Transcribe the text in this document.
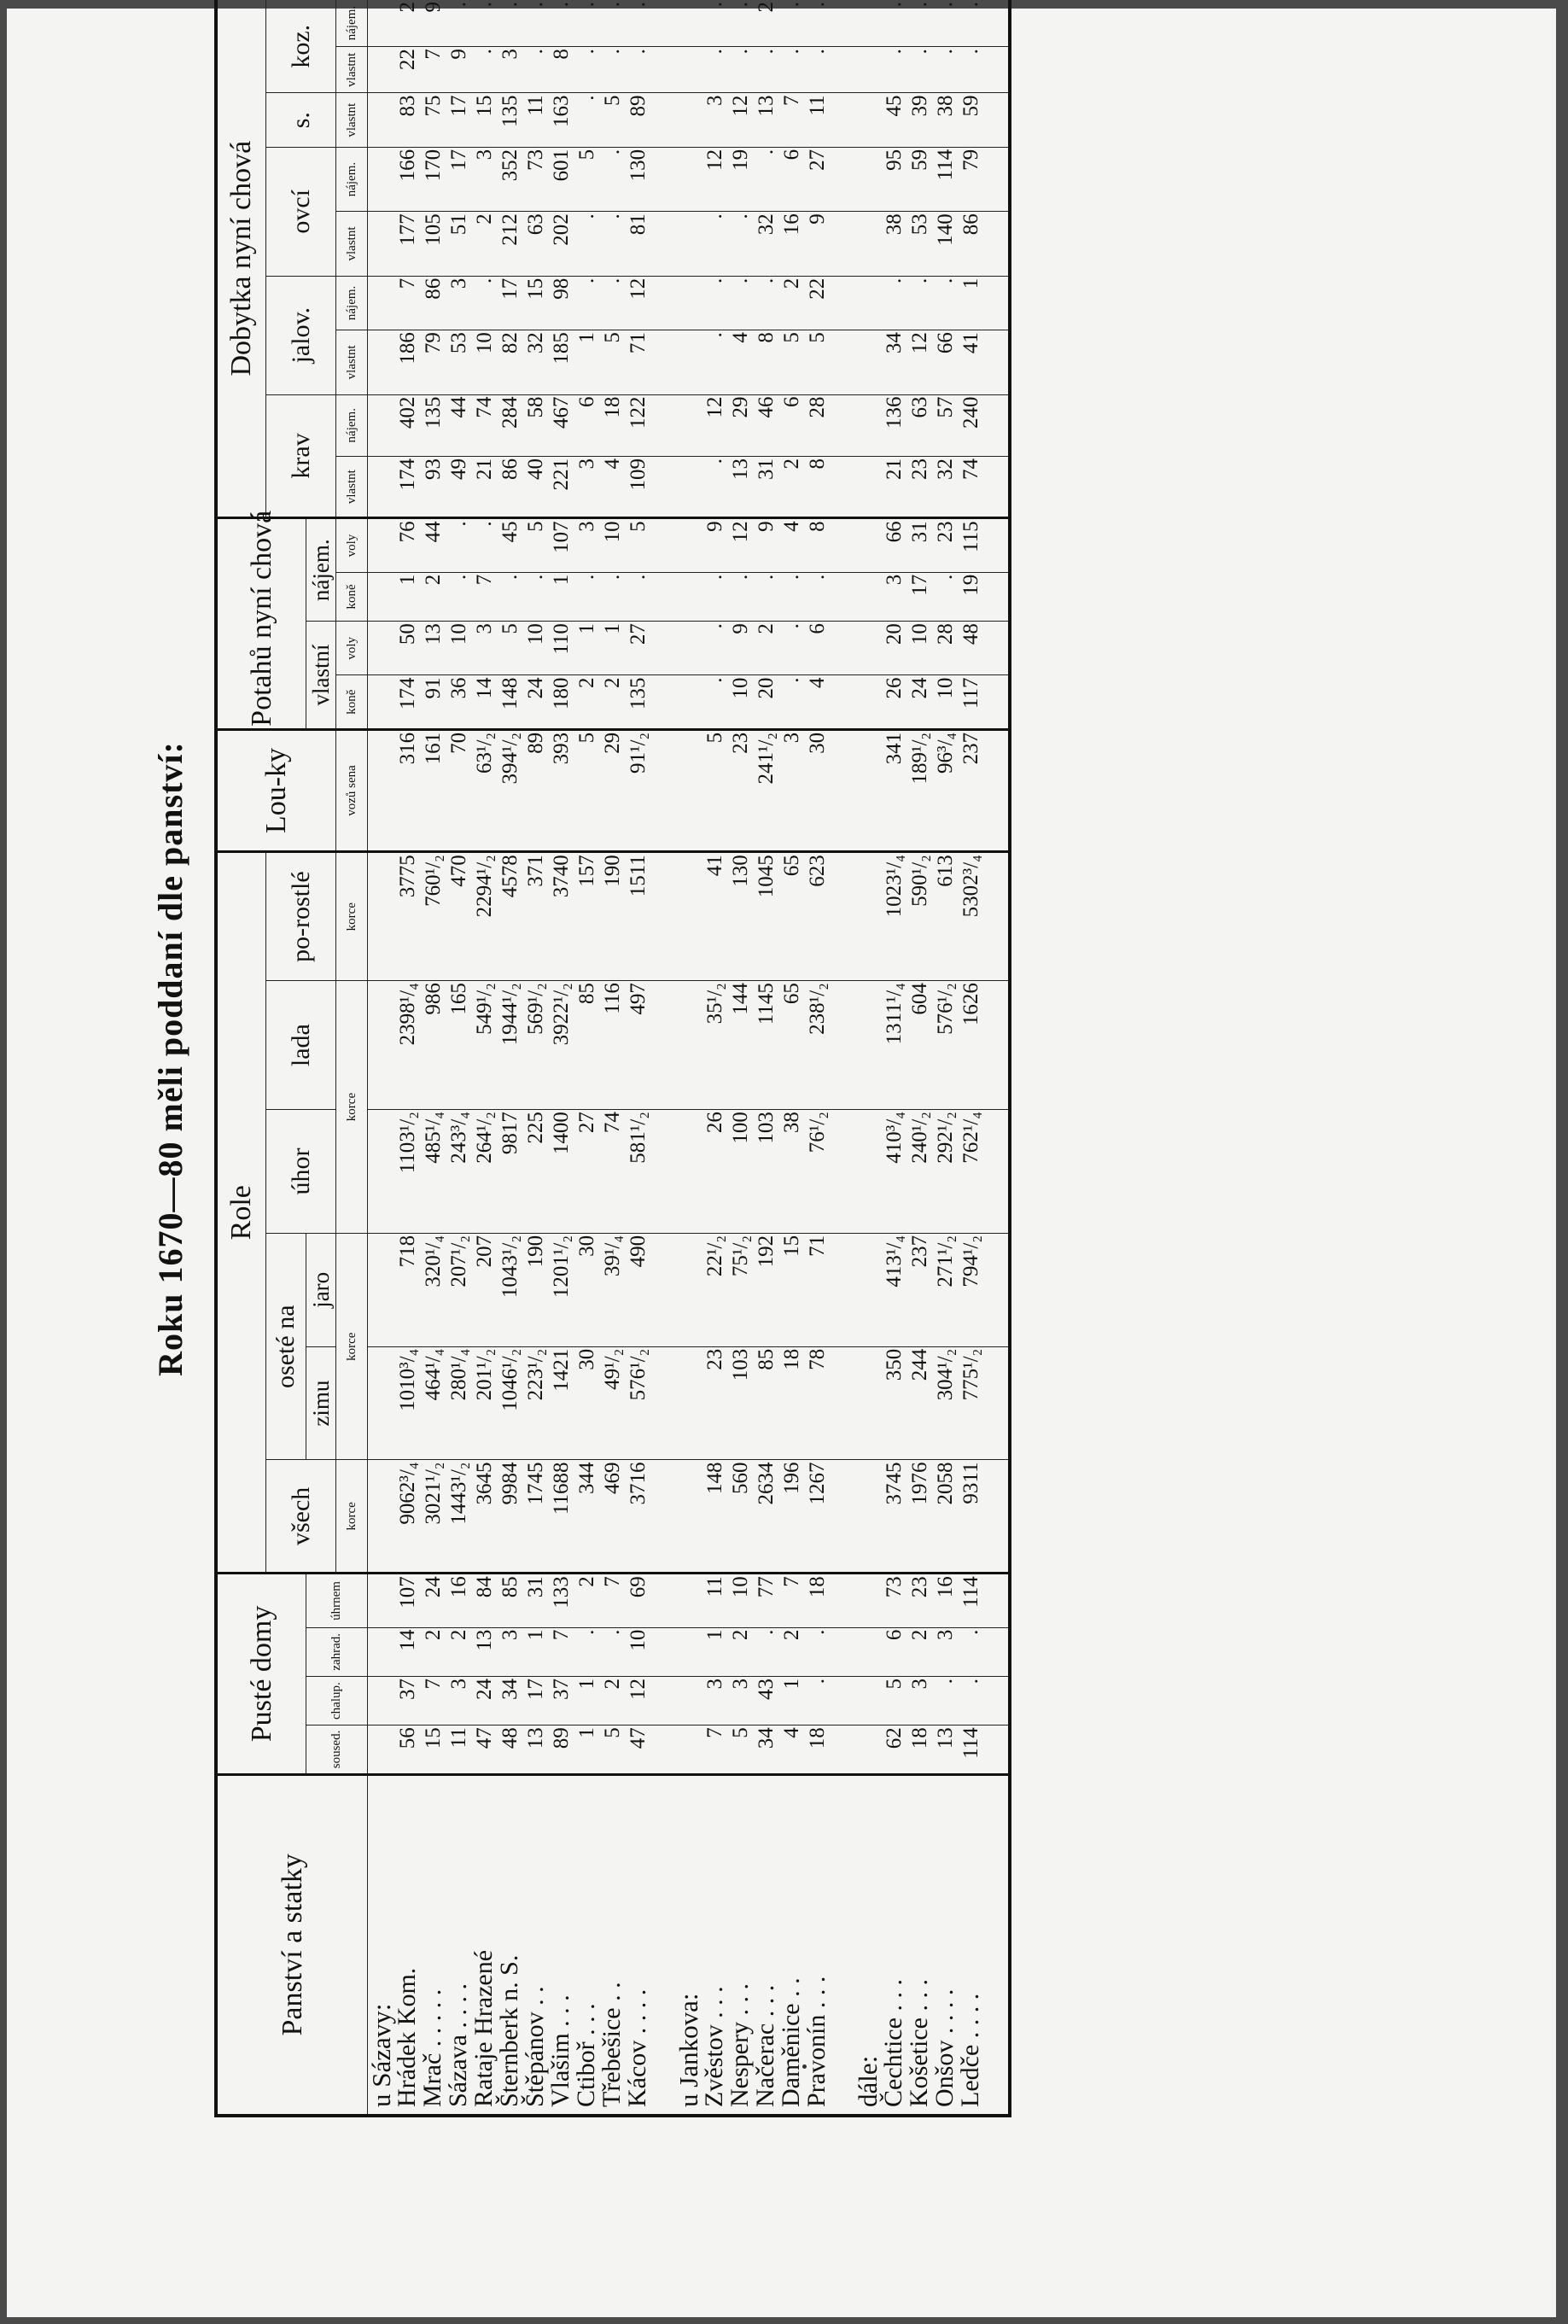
Roku 1670—80 měli poddaní dle panství:
Panství a statky	Pusté domy				Role						Lou-ky	Potahů nyní chová				Dobytka nyní chová								
					všech	oseté na		úhor	lada	po-rostlé						krav		jalov.		ovcí		s.	koz.	
	soused.	chalup.	zahrad.	úhrnem		zimu	jaro					vlastní		nájem.										
					korce	korce		korce		korce	vozů sena	koně	voly	koně	voly	vlastnt	nájem.	vlastnt	nájem.	vlastnt	nájem.	vlastnt	vlastnt	nájem.
u Sázavy:																								
Hrádek Kom.	56	37	14	107	9062³/₄	1010³/₄	718	1103¹/₂	2398¹/₄	3775	316	174	50	1	76	174	402	186	7	177	166	83	22	2
Mrač . . . . .	15	7	2	24	3021¹/₂	464¹/₄	320¹/₄	485¹/₄	986	760¹/₂	161	91	13	2	44	93	135	79	86	105	170	75	7	9
Sázava . . . .	11	3	2	16	1443¹/₂	280¹/₄	207¹/₂	243³/₄	165	470	70	36	10	.	.	49	44	53	3	51	17	17	9	.
Rataje Hrazené	47	24	13	84	3645	201¹/₂	207	264¹/₂	549¹/₂	2294¹/₂	63¹/₂	14	3	7	.	21	74	10	.	2	3	15	.	.
Šternberk n. S.	48	34	3	85	9984	1046¹/₂	1043¹/₂	9817	1944¹/₂	4578	394¹/₂	148	5	.	45	86	284	82	17	212	352	135	3	.
Štěpánov . .	13	17	1	31	1745	223¹/₂	190	225	569¹/₂	371	89	24	10	.	5	40	58	32	15	63	73	11	.	.
Vlašim . . .	89	37	7	133	11688	1421	1201¹/₂	1400	3922¹/₂	3740	393	180	110	1	107	221	467	185	98	202	601	163	8	.
Ctiboř . . .	1	1	.	2	344	30	30	27	85	157	5	2	1	.	3	3	6	1	.	.	5	.	.	.
Třebešice . .	5	2	.	7	469	49¹/₂	39¹/₄	74	116	190	29	2	1	.	10	4	18	5	.	.	.	5	.	.
Kácov . . . .	47	12	10	69	3716	576¹/₂	490	581¹/₂	497	1511	91¹/₂	135	27	.	5	109	122	71	12	81	130	89	.	.

u Jankova:																								
Zvěstov . . .	7	3	1	11	148	23	22¹/₂	26	35¹/₂	41	5	.	.	.	9	.	12	.	.	.	12	3	.	.
Nespery . . .	5	3	2	10	560	103	75¹/₂	100	144	130	23	10	9	.	12	13	29	4	.	.	19	12	.	.
Načerac . . .	34	43	.	77	2634	85	192	103	1145	1045	241¹/₂	20	2	.	9	31	46	8	.	32	.	13	.	2
Daměnice . .	4	1	2	7	196	18	15	38	65	65	3	.	.	.	4	2	6	5	2	16	6	7	.	.
Pravonín . . .	18	.	.	18	1267	78	71	76¹/₂	238¹/₂	623	30	4	6	.	8	8	28	5	22	9	27	11	.	.

dále:																								
Čechtice . . .	62	5	6	73	3745	350	413¹/₄	410³/₄	1311¹/₄	1023¹/₄	341	26	20	3	66	21	136	34	.	38	95	45	.	.
Košetice . . .	18	3	2	23	1976	244	237	240¹/₂	604	590¹/₂	189¹/₂	24	10	17	31	23	63	12	.	53	59	39	.	.
Onšov . . . .	13	.	3	16	2058	304¹/₂	271¹/₂	292¹/₂	576¹/₂	613	96³/₄	10	28	.	23	32	57	66	.	140	114	38	.	.
Ledče . . . .	114	.	.	114	9311	775¹/₂	794¹/₂	762¹/₄	1626	5302³/₄	237	117	48	19	115	74	240	41	1	86	79	59	.	.
